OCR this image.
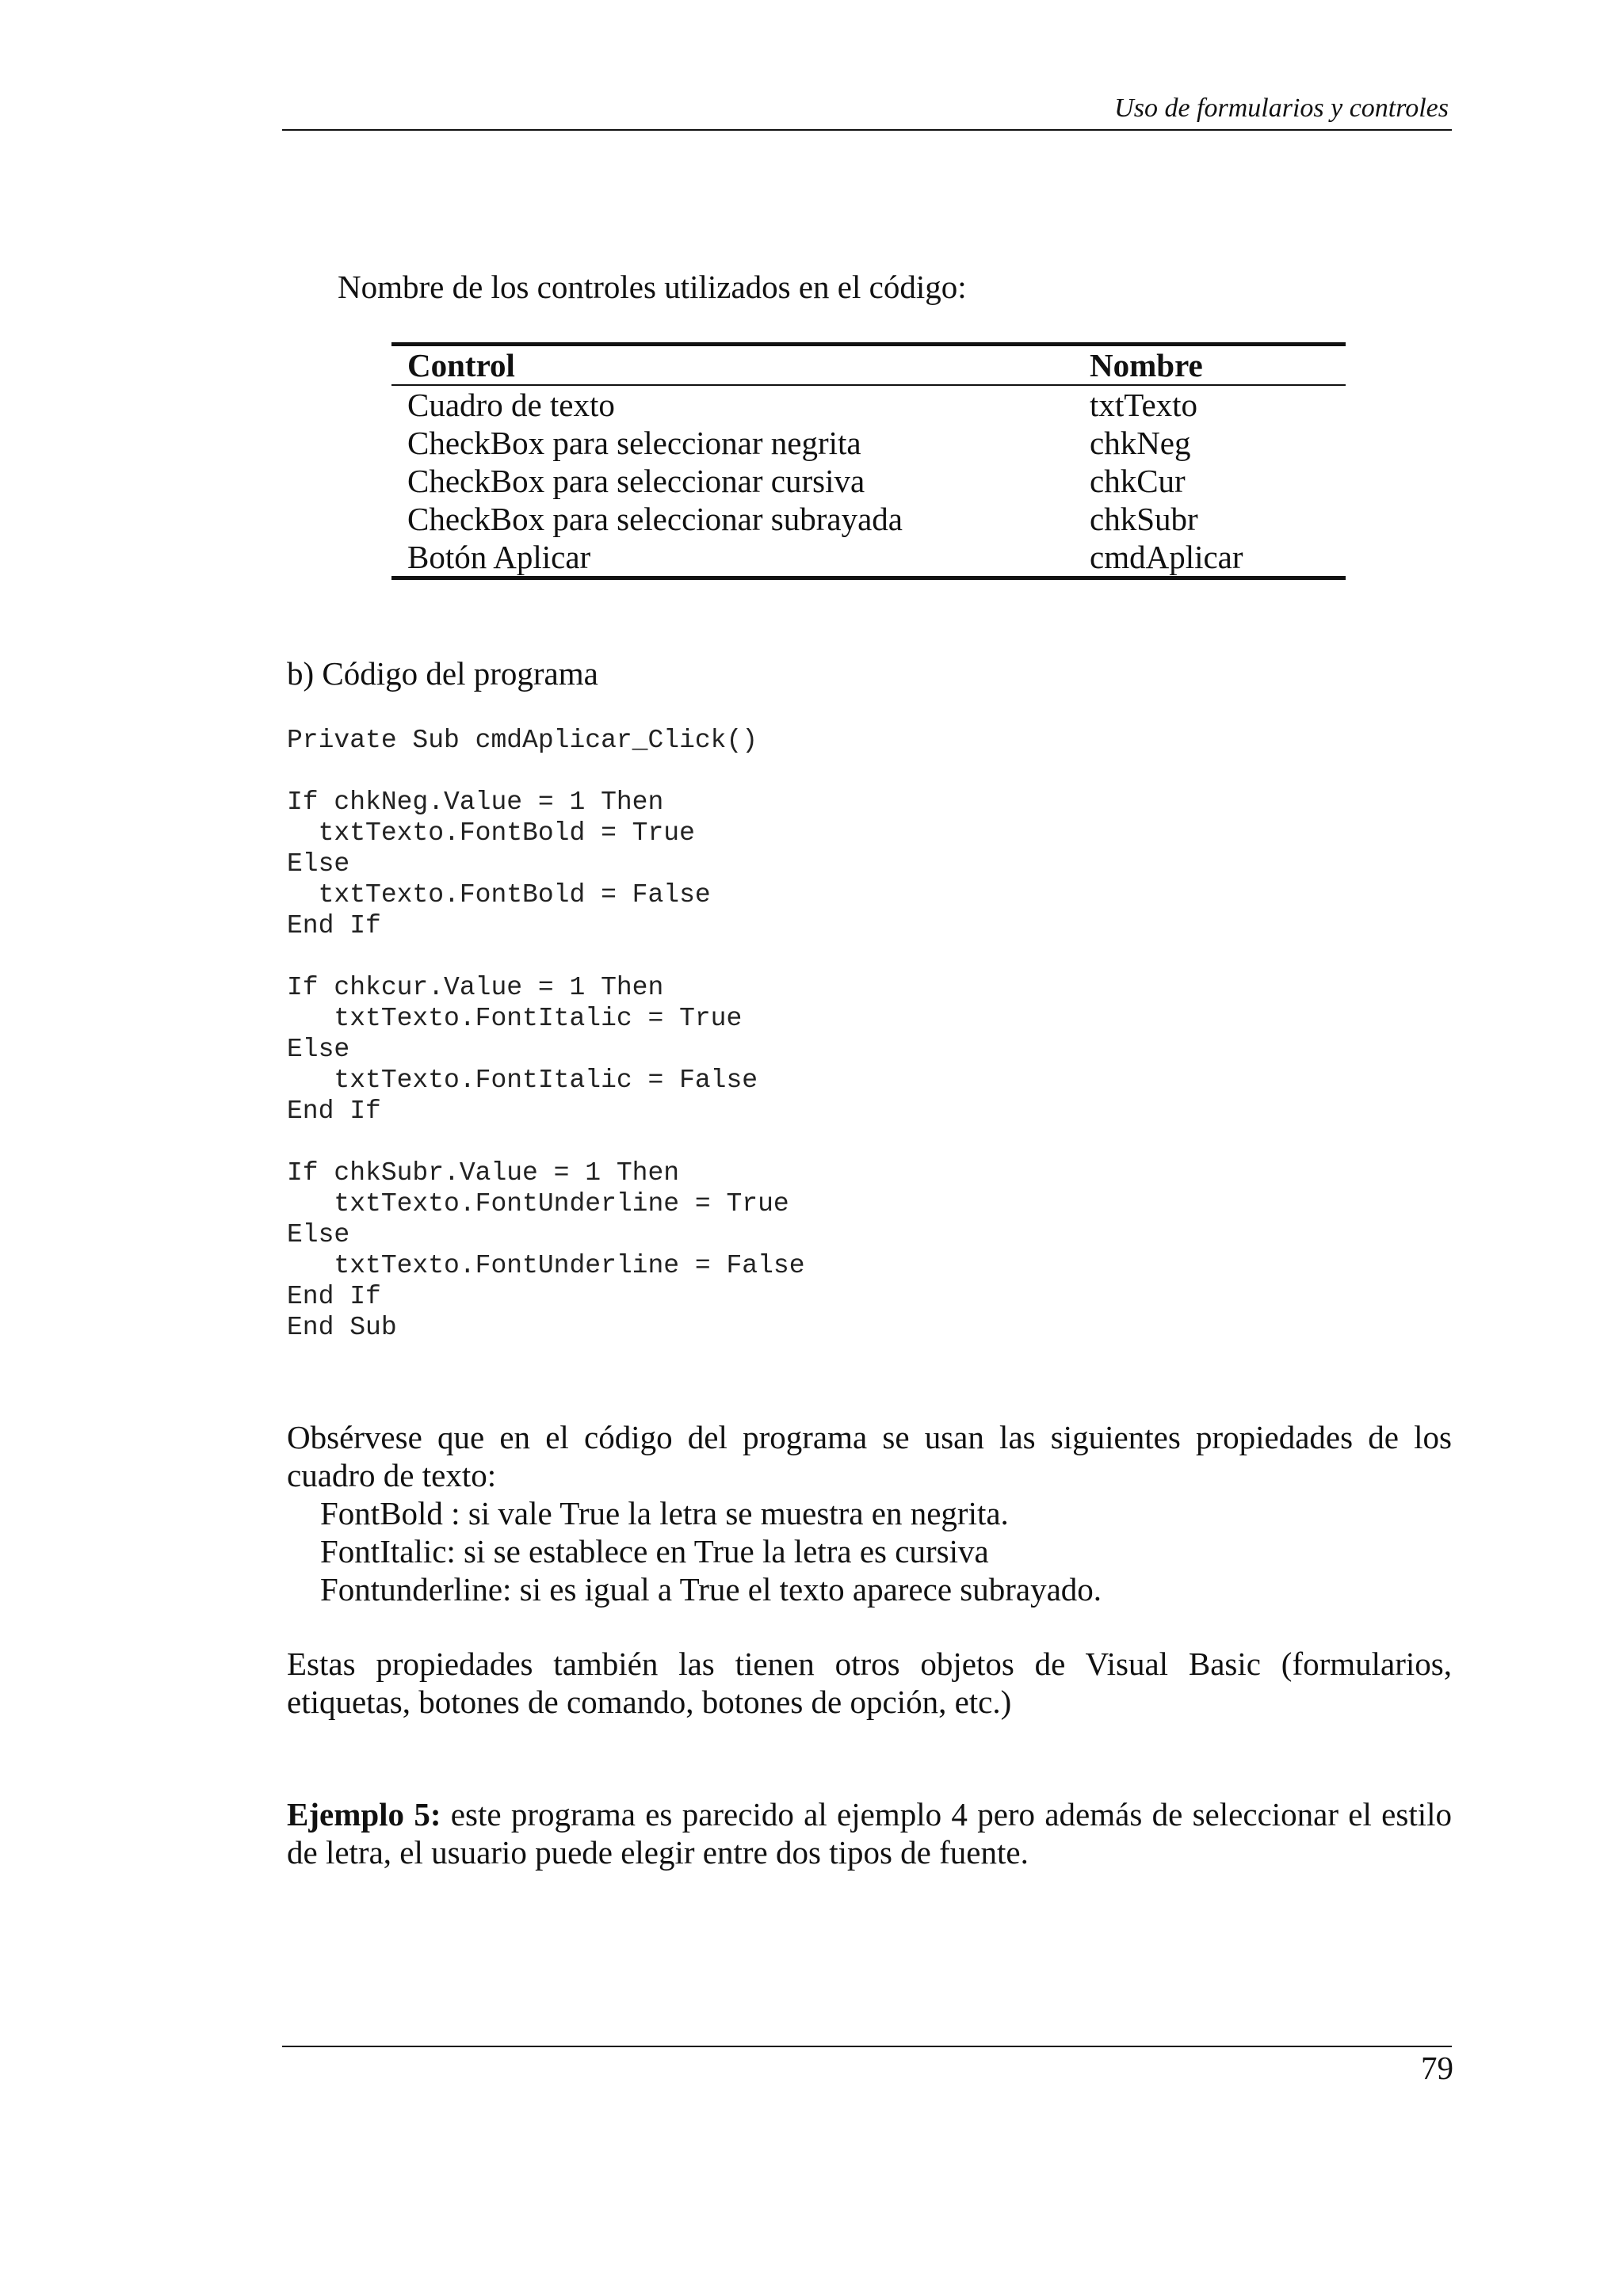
Uso de formularios y controles
Nombre de los controles utilizados en el código:
Control	Nombre
Cuadro de texto	txtTexto
CheckBox para seleccionar negrita	chkNeg
CheckBox para seleccionar cursiva	chkCur
CheckBox para seleccionar subrayada	chkSubr
Botón Aplicar	cmdAplicar
b) Código del programa
Private Sub cmdAplicar_Click()

If chkNeg.Value = 1 Then
txtTexto.FontBold = True
Else
txtTexto.FontBold = False
End If

If chkcur.Value = 1 Then
txtTexto.FontItalic = True
Else
txtTexto.FontItalic = False
End If

If chkSubr.Value = 1 Then
txtTexto.FontUnderline = True
Else
txtTexto.FontUnderline = False
End If
End Sub
Obsérvese que en el código del programa se usan las siguientes propiedades de los cuadro de texto:
FontBold : si vale True la letra se muestra en negrita.
FontItalic: si se establece en True la letra es cursiva
Fontunderline: si es igual a True el texto aparece subrayado.
Estas propiedades también las tienen otros objetos de Visual Basic (formularios, etiquetas, botones de comando, botones de opción, etc.)
Ejemplo 5: este programa es parecido al ejemplo 4 pero además de seleccionar el estilo de letra, el usuario puede elegir entre dos tipos de fuente.
79
